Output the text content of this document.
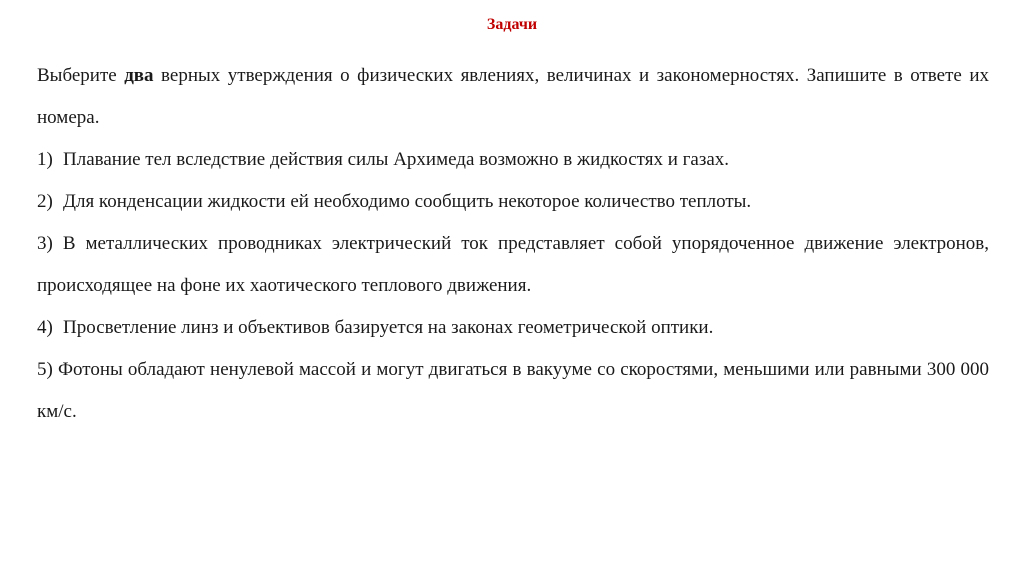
Задачи

Выберите два верных утверждения о физических явлениях, величинах и закономерностях. Запишите в ответе их номера.

1) Плавание тел вследствие действия силы Архимеда возможно в жидкостях и газах.
2) Для конденсации жидкости ей необходимо сообщить некоторое количество теплоты.
3) В металлических проводниках электрический ток представляет собой упорядоченное движение электронов, происходящее на фоне их хаотического теплового движения.
4) Просветление линз и объективов базируется на законах геометрической оптики.
5) Фотоны обладают ненулевой массой и могут двигаться в вакууме со скоростями, меньшими или равными 300 000 км/с.
